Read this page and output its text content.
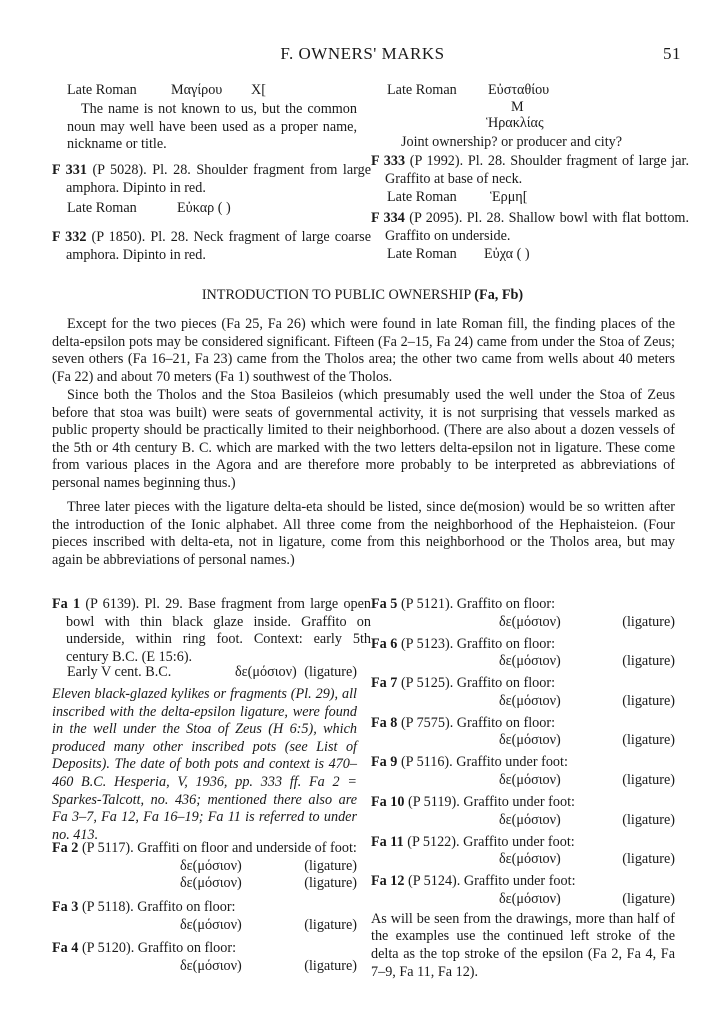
F. OWNERS' MARKS	51
Late Roman Μαγίρου X[
The name is not known to us, but the common noun may well have been used as a proper name, nickname or title.
F 331 (P 5028). Pl. 28. Shoulder fragment from large amphora. Dipinto in red.
Late Roman	Εὐκαρ ( )
F 332 (P 1850). Pl. 28. Neck fragment of large coarse amphora. Dipinto in red.
Late Roman Εὐσταθίου
Μ
Ἡρακλίας
Joint ownership? or producer and city?
F 333 (P 1992). Pl. 28. Shoulder fragment of large jar. Graffito at base of neck.
Late Roman Ἑρμη[
F 334 (P 2095). Pl. 28. Shallow bowl with flat bottom. Graffito on underside.
Late Roman Εὐχα ( )
INTRODUCTION TO PUBLIC OWNERSHIP (Fa, Fb)
Except for the two pieces (Fa 25, Fa 26) which were found in late Roman fill, the finding places of the delta-epsilon pots may be considered significant. Fifteen (Fa 2–15, Fa 24) came from under the Stoa of Zeus; seven others (Fa 16–21, Fa 23) came from the Tholos area; the other two came from wells about 40 meters (Fa 22) and about 70 meters (Fa 1) southwest of the Tholos.
Since both the Tholos and the Stoa Basileios (which presumably used the well under the Stoa of Zeus before that stoa was built) were seats of governmental activity, it is not surprising that vessels marked as public property should be practically limited to their neighborhood. (There are also about a dozen vessels of the 5th or 4th century B. C. which are marked with the two letters delta-epsilon not in ligature. These come from various places in the Agora and are therefore more probably to be interpreted as abbreviations of personal names beginning thus.)
Three later pieces with the ligature delta-eta should be listed, since de(mosion) would be so written after the introduction of the Ionic alphabet. All three come from the neighborhood of the Hephaisteion. (Four pieces inscribed with delta-eta, not in ligature, come from this neighborhood or the Tholos area, but may again be abbreviations of personal names.)
Fa 1 (P 6139). Pl. 29. Base fragment from large open bowl with thin black glaze inside. Graffito on underside, within ring foot. Context: early 5th century B.C. (E 15:6).
Early V cent. B.C.	δε(μόσιον) (ligature)
Eleven black-glazed kylikes or fragments (Pl. 29), all inscribed with the delta-epsilon ligature, were found in the well under the Stoa of Zeus (H 6:5), which produced many other inscribed pots (see List of Deposits). The date of both pots and context is 470–460 B.C. Hesperia, V, 1936, pp. 333 ff. Fa 2 = Sparkes-Talcott, no. 436; mentioned there also are Fa 3–7, Fa 12, Fa 16–19; Fa 11 is referred to under no. 413.
Fa 2 (P 5117). Graffiti on floor and underside of foot:
δε(μόσιον)	(ligature)
δε(μόσιον)	(ligature)
Fa 3 (P 5118). Graffito on floor:
δε(μόσιον)	(ligature)
Fa 4 (P 5120). Graffito on floor:
δε(μόσιον)	(ligature)
Fa 5 (P 5121). Graffito on floor:
δε(μόσιον)	(ligature)

Fa 6 (P 5123). Graffito on floor:
δε(μόσιον)	(ligature)

Fa 7 (P 5125). Graffito on floor:
δε(μόσιον)	(ligature)

Fa 8 (P 7575). Graffito on floor:
δε(μόσιον)	(ligature)

Fa 9 (P 5116). Graffito under foot:
δε(μόσιον)	(ligature)

Fa 10 (P 5119). Graffito under foot:
δε(μόσιον)	(ligature)

Fa 11 (P 5122). Graffito under foot:
δε(μόσιον)	(ligature)

Fa 12 (P 5124). Graffito under foot:
δε(μόσιον)	(ligature)

As will be seen from the drawings, more than half of the examples use the continued left stroke of the delta as the top stroke of the epsilon (Fa 2, Fa 4, Fa 7–9, Fa 11, Fa 12).
